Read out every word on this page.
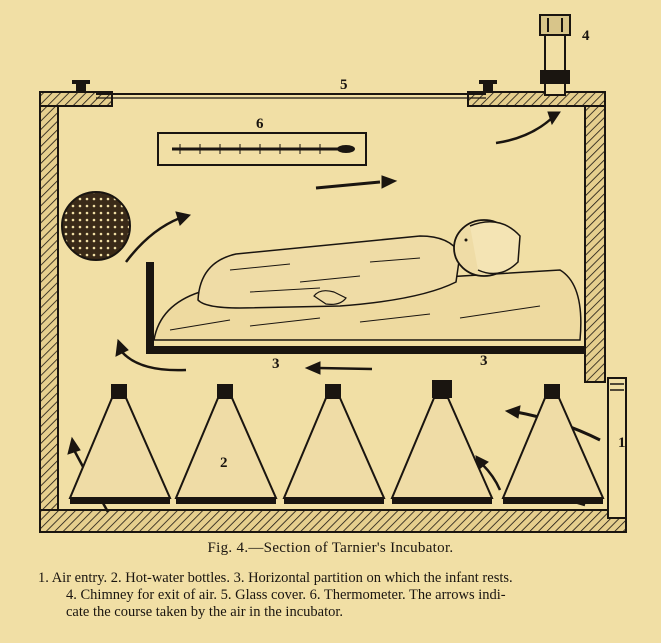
5
4
6
1
3	3
2
Fig. 4.—Section of Tarnier's Incubator.
1. Air entry. 2. Hot-water bottles. 3. Horizontal partition on which the infant rests.
4. Chimney for exit of air. 5. Glass cover. 6. Thermometer. The arrows indi-
cate the course taken by the air in the incubator.
